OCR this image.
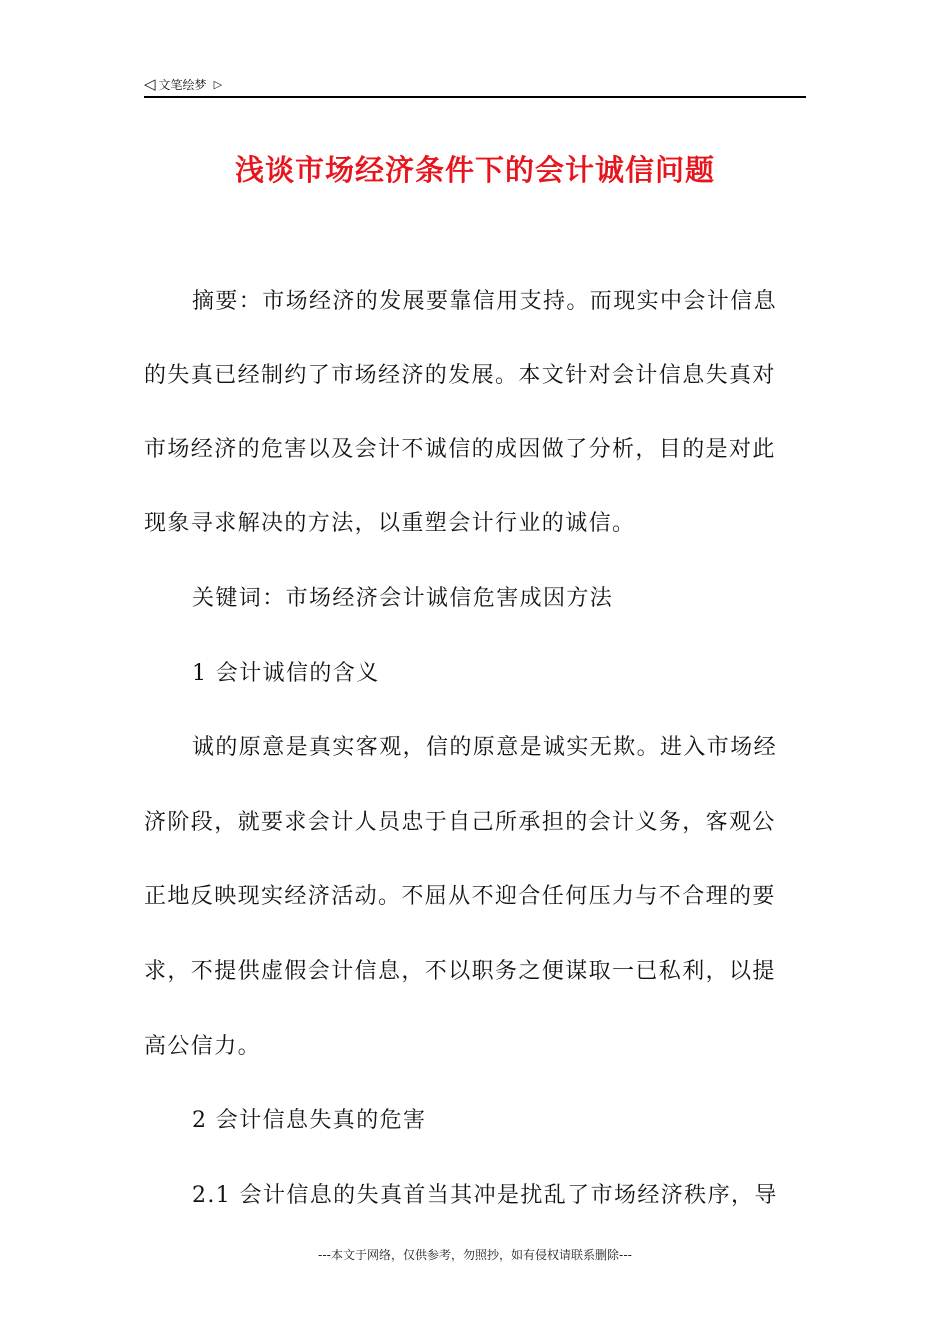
◁ 文笔绘梦 ▷
浅谈市场经济条件下的会计诚信问题
摘要：市场经济的发展要靠信用支持。而现实中会计信息
的失真已经制约了市场经济的发展。本文针对会计信息失真对
市场经济的危害以及会计不诚信的成因做了分析，目的是对此
现象寻求解决的方法，以重塑会计行业的诚信。
关键词：市场经济会计诚信危害成因方法
1 会计诚信的含义
诚的原意是真实客观，信的原意是诚实无欺。进入市场经
济阶段，就要求会计人员忠于自己所承担的会计义务，客观公
正地反映现实经济活动。不屈从不迎合任何压力与不合理的要
求，不提供虚假会计信息，不以职务之便谋取一已私利，以提
高公信力。
2 会计信息失真的危害
2.1 会计信息的失真首当其冲是扰乱了市场经济秩序，导
---本文于网络，仅供参考，勿照抄，如有侵权请联系删除---
